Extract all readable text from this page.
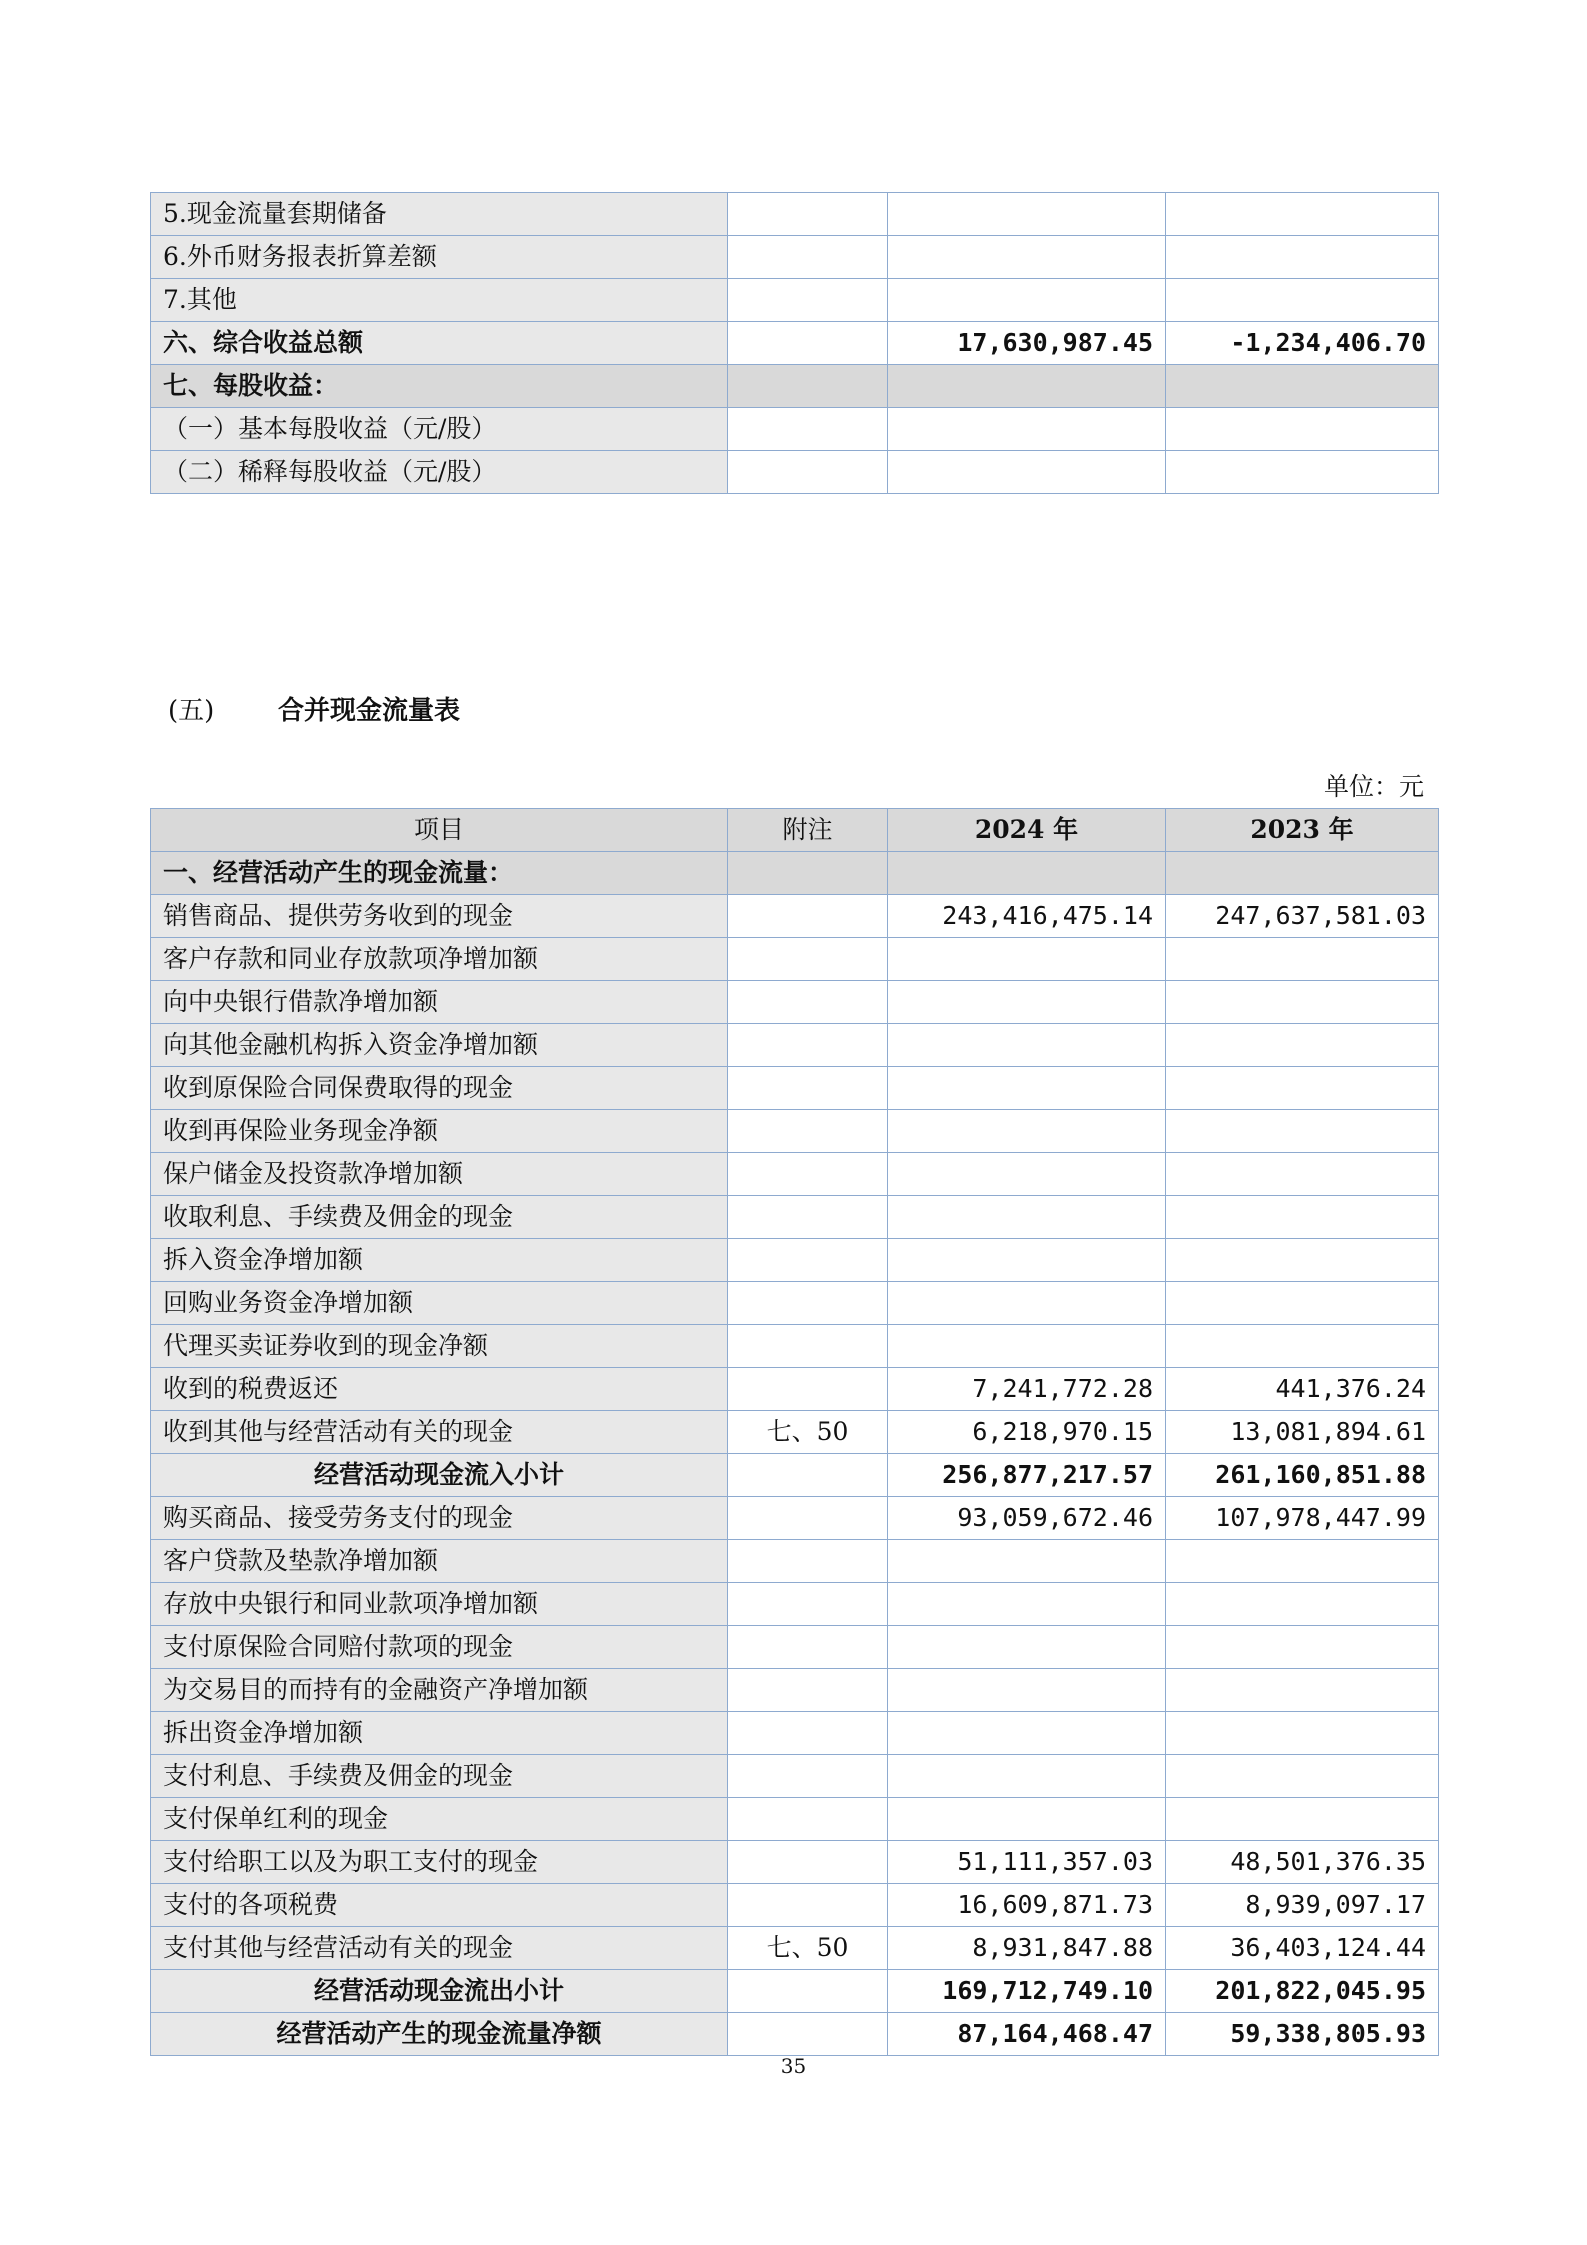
5.现金流量套期储备			
6.外币财务报表折算差额			
7.其他			
六、综合收益总额		17,630,987.45	-1,234,406.70
七、每股收益：			
（一）基本每股收益（元/股）			
（二）稀释每股收益（元/股）			
(五) 合并现金流量表
单位：元
项目	附注	2024 年	2023 年
一、经营活动产生的现金流量：			
销售商品、提供劳务收到的现金		243,416,475.14	247,637,581.03
客户存款和同业存放款项净增加额			
向中央银行借款净增加额			
向其他金融机构拆入资金净增加额			
收到原保险合同保费取得的现金			
收到再保险业务现金净额			
保户储金及投资款净增加额			
收取利息、手续费及佣金的现金			
拆入资金净增加额			
回购业务资金净增加额			
代理买卖证券收到的现金净额			
收到的税费返还		7,241,772.28	441,376.24
收到其他与经营活动有关的现金	七、50	6,218,970.15	13,081,894.61
经营活动现金流入小计		256,877,217.57	261,160,851.88
购买商品、接受劳务支付的现金		93,059,672.46	107,978,447.99
客户贷款及垫款净增加额			
存放中央银行和同业款项净增加额			
支付原保险合同赔付款项的现金			
为交易目的而持有的金融资产净增加额			
拆出资金净增加额			
支付利息、手续费及佣金的现金			
支付保单红利的现金			
支付给职工以及为职工支付的现金		51,111,357.03	48,501,376.35
支付的各项税费		16,609,871.73	8,939,097.17
支付其他与经营活动有关的现金	七、50	8,931,847.88	36,403,124.44
经营活动现金流出小计		169,712,749.10	201,822,045.95
经营活动产生的现金流量净额		87,164,468.47	59,338,805.93
35
